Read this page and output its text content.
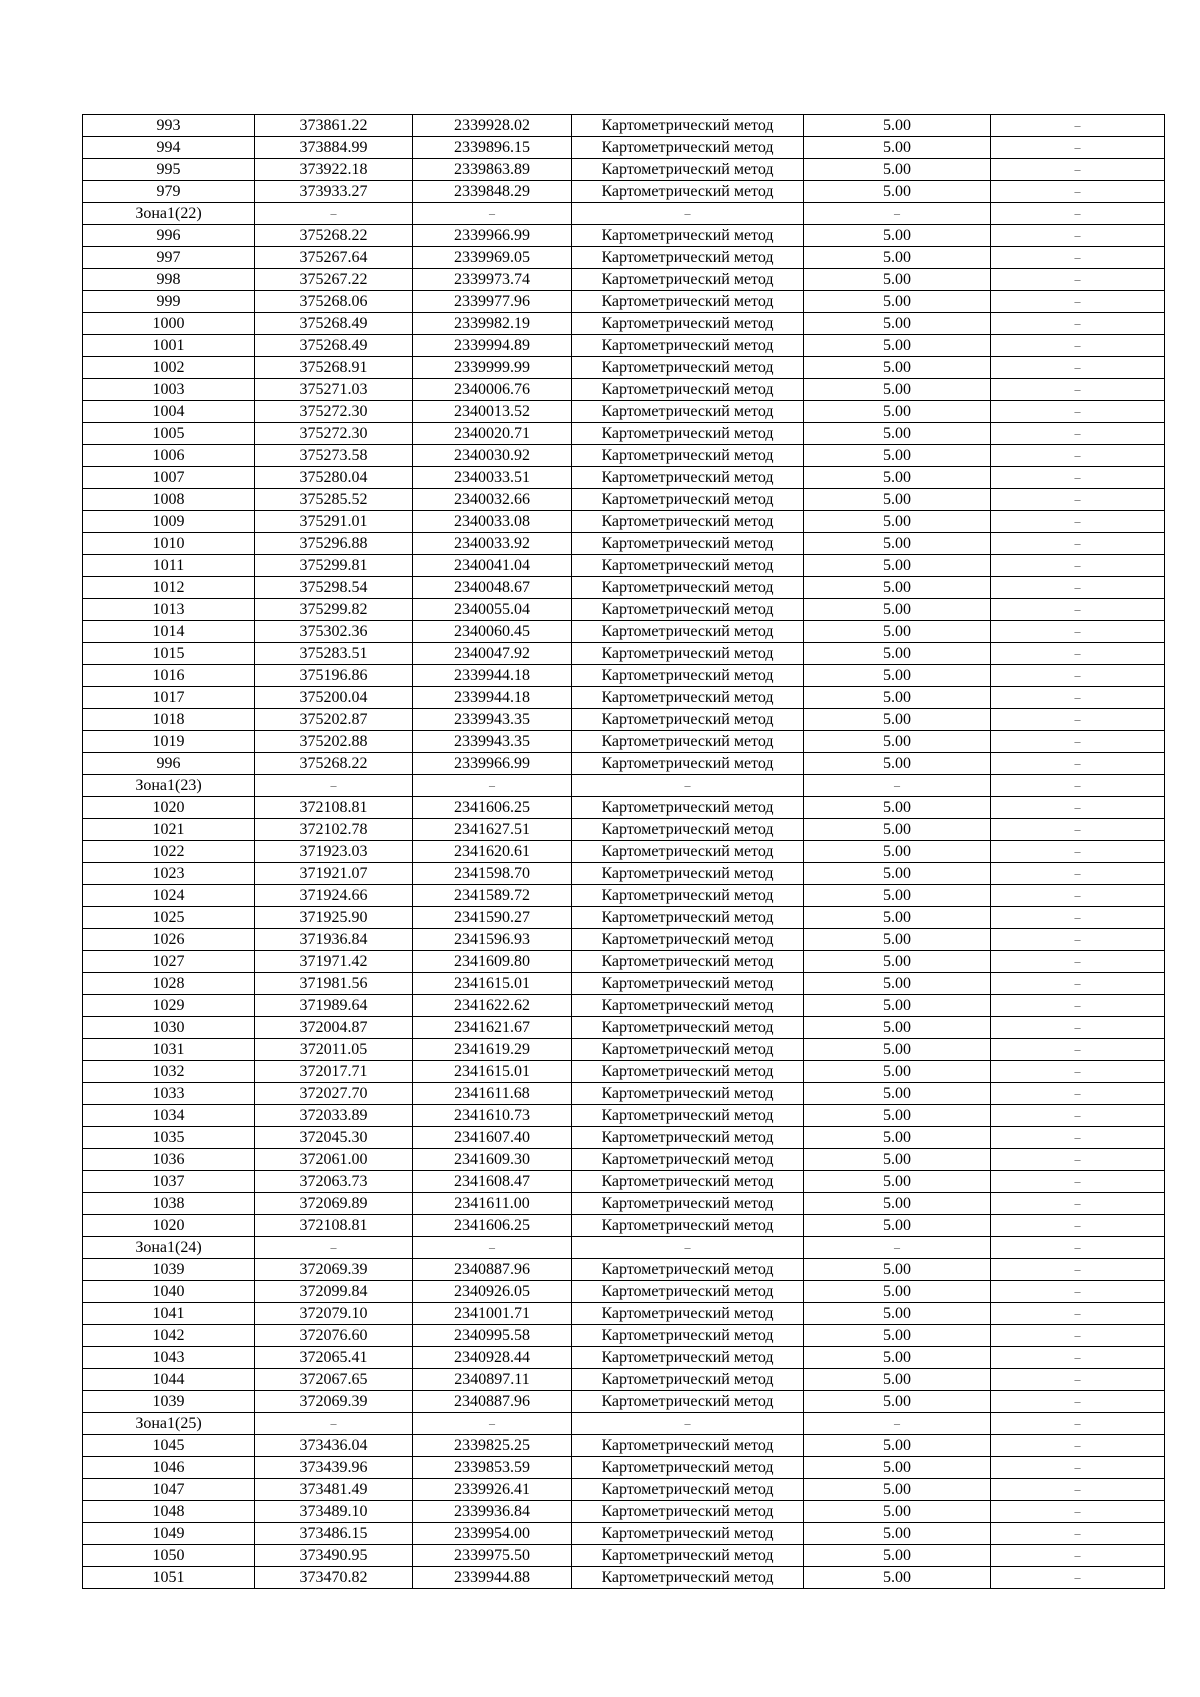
993	373861.22	2339928.02	Картометрический метод	5.00	–
994	373884.99	2339896.15	Картометрический метод	5.00	–
995	373922.18	2339863.89	Картометрический метод	5.00	–
979	373933.27	2339848.29	Картометрический метод	5.00	–
Зона1(22)	–	–	–	–	–
996	375268.22	2339966.99	Картометрический метод	5.00	–
997	375267.64	2339969.05	Картометрический метод	5.00	–
998	375267.22	2339973.74	Картометрический метод	5.00	–
999	375268.06	2339977.96	Картометрический метод	5.00	–
1000	375268.49	2339982.19	Картометрический метод	5.00	–
1001	375268.49	2339994.89	Картометрический метод	5.00	–
1002	375268.91	2339999.99	Картометрический метод	5.00	–
1003	375271.03	2340006.76	Картометрический метод	5.00	–
1004	375272.30	2340013.52	Картометрический метод	5.00	–
1005	375272.30	2340020.71	Картометрический метод	5.00	–
1006	375273.58	2340030.92	Картометрический метод	5.00	–
1007	375280.04	2340033.51	Картометрический метод	5.00	–
1008	375285.52	2340032.66	Картометрический метод	5.00	–
1009	375291.01	2340033.08	Картометрический метод	5.00	–
1010	375296.88	2340033.92	Картометрический метод	5.00	–
1011	375299.81	2340041.04	Картометрический метод	5.00	–
1012	375298.54	2340048.67	Картометрический метод	5.00	–
1013	375299.82	2340055.04	Картометрический метод	5.00	–
1014	375302.36	2340060.45	Картометрический метод	5.00	–
1015	375283.51	2340047.92	Картометрический метод	5.00	–
1016	375196.86	2339944.18	Картометрический метод	5.00	–
1017	375200.04	2339944.18	Картометрический метод	5.00	–
1018	375202.87	2339943.35	Картометрический метод	5.00	–
1019	375202.88	2339943.35	Картометрический метод	5.00	–
996	375268.22	2339966.99	Картометрический метод	5.00	–
Зона1(23)	–	–	–	–	–
1020	372108.81	2341606.25	Картометрический метод	5.00	–
1021	372102.78	2341627.51	Картометрический метод	5.00	–
1022	371923.03	2341620.61	Картометрический метод	5.00	–
1023	371921.07	2341598.70	Картометрический метод	5.00	–
1024	371924.66	2341589.72	Картометрический метод	5.00	–
1025	371925.90	2341590.27	Картометрический метод	5.00	–
1026	371936.84	2341596.93	Картометрический метод	5.00	–
1027	371971.42	2341609.80	Картометрический метод	5.00	–
1028	371981.56	2341615.01	Картометрический метод	5.00	–
1029	371989.64	2341622.62	Картометрический метод	5.00	–
1030	372004.87	2341621.67	Картометрический метод	5.00	–
1031	372011.05	2341619.29	Картометрический метод	5.00	–
1032	372017.71	2341615.01	Картометрический метод	5.00	–
1033	372027.70	2341611.68	Картометрический метод	5.00	–
1034	372033.89	2341610.73	Картометрический метод	5.00	–
1035	372045.30	2341607.40	Картометрический метод	5.00	–
1036	372061.00	2341609.30	Картометрический метод	5.00	–
1037	372063.73	2341608.47	Картометрический метод	5.00	–
1038	372069.89	2341611.00	Картометрический метод	5.00	–
1020	372108.81	2341606.25	Картометрический метод	5.00	–
Зона1(24)	–	–	–	–	–
1039	372069.39	2340887.96	Картометрический метод	5.00	–
1040	372099.84	2340926.05	Картометрический метод	5.00	–
1041	372079.10	2341001.71	Картометрический метод	5.00	–
1042	372076.60	2340995.58	Картометрический метод	5.00	–
1043	372065.41	2340928.44	Картометрический метод	5.00	–
1044	372067.65	2340897.11	Картометрический метод	5.00	–
1039	372069.39	2340887.96	Картометрический метод	5.00	–
Зона1(25)	–	–	–	–	–
1045	373436.04	2339825.25	Картометрический метод	5.00	–
1046	373439.96	2339853.59	Картометрический метод	5.00	–
1047	373481.49	2339926.41	Картометрический метод	5.00	–
1048	373489.10	2339936.84	Картометрический метод	5.00	–
1049	373486.15	2339954.00	Картометрический метод	5.00	–
1050	373490.95	2339975.50	Картометрический метод	5.00	–
1051	373470.82	2339944.88	Картометрический метод	5.00	–
